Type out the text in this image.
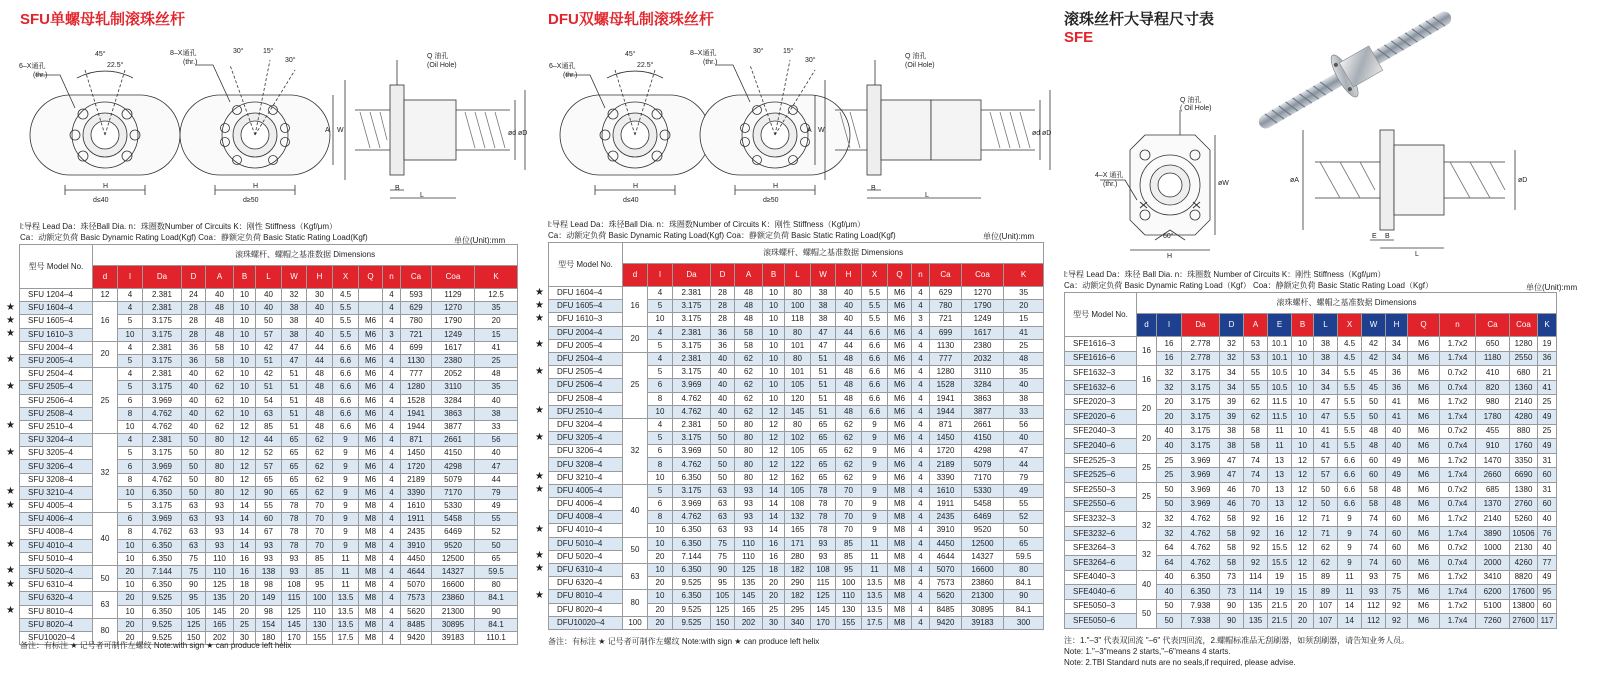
SFU单螺母轧制滚珠丝杆
45°
22.5°
6–X通孔
(thr.)
H
d≤40
30°	15°
30°
8–X通孔
(thr.)
H
d≥50
Q 油孔
(Oil Hole)
A W
B
L
ød øD
l:导程 Lead Da：珠径Ball Dia. n：珠圈数Number of Circuits K：刚性 Stiffness（Kgf/μm）
Ca：动额定负荷 Basic Dynamic Rating Load(Kgf) Coa：静额定负荷 Basic Static Rating Load(Kgf)	单位(Unit):mm
型号 Model No.	滚珠螺杆、螺帽之基准数据 Dimensions														
	d	l	Da	D	A	B	L	W	H	X	Q	n	Ca	Coa	K
SFU 1204–4	12	4	2.381	24	40	10	40	32	30	4.5		4	593	1129	12.5
SFU 1604–4	16	4	2.381	28	48	10	40	38	40	5.5		4	629	1270	35
SFU 1605–4		5	3.175	28	48	10	50	38	40	5.5	M6	4	780	1790	20
SFU 1610–3		10	3.175	28	48	10	57	38	40	5.5	M6	3	721	1249	15
SFU 2004–4	20	4	2.381	36	58	10	42	47	44	6.6	M6	4	699	1617	41
SFU 2005–4		5	3.175	36	58	10	51	47	44	6.6	M6	4	1130	2380	25
SFU 2504–4	25	4	2.381	40	62	10	42	51	48	6.6	M6	4	777	2052	48
SFU 2505–4		5	3.175	40	62	10	51	51	48	6.6	M6	4	1280	3110	35
SFU 2506–4		6	3.969	40	62	10	54	51	48	6.6	M6	4	1528	3284	40
SFU 2508–4		8	4.762	40	62	10	63	51	48	6.6	M6	4	1941	3863	38
SFU 2510–4		10	4.762	40	62	12	85	51	48	6.6	M6	4	1944	3877	33
SFU 3204–4	32	4	2.381	50	80	12	44	65	62	9	M6	4	871	2661	56
SFU 3205–4		5	3.175	50	80	12	52	65	62	9	M6	4	1450	4150	40
SFU 3206–4		6	3.969	50	80	12	57	65	62	9	M6	4	1720	4298	47
SFU 3208–4		8	4.762	50	80	12	65	65	62	9	M6	4	2189	5079	44
SFU 3210–4		10	6.350	50	80	12	90	65	62	9	M6	4	3390	7170	79
SFU 4005–4		5	3.175	63	93	14	55	78	70	9	M8	4	1610	5330	49
SFU 4006–4	40	6	3.969	63	93	14	60	78	70	9	M8	4	1911	5458	55
SFU 4008–4		8	4.762	63	93	14	67	78	70	9	M8	4	2435	6469	52
SFU 4010–4		10	6.350	63	93	14	93	78	70	9	M8	4	3910	9520	50
SFU 5010–4		10	6.350	75	110	16	93	93	85	11	M8	4	4450	12500	65
SFU 5020–4	50	20	7.144	75	110	16	138	93	85	11	M8	4	4644	14327	59.5
SFU 6310–4		10	6.350	90	125	18	98	108	95	11	M8	4	5070	16600	80
SFU 6320–4	63	20	9.525	95	135	20	149	115	100	13.5	M8	4	7573	23860	84.1
SFU 8010–4		10	6.350	105	145	20	98	125	110	13.5	M8	4	5620	21300	90
SFU 8020–4	80	20	9.525	125	165	25	154	145	130	13.5	M8	4	8485	30895	84.1
SFU10020–4		20	9.525	150	202	30	180	170	155	17.5	M8	4	9420	39183	110.1
★
★
★
★
★
★
★
★
★
★
★
★
★
备注：有标注 ★ 记号者可制作左螺纹 Note:with sign ★ can produce left helix
DFU双螺母轧制滚珠丝杆
45°
22.5°
6–X通孔
(thr.)
H
d≤40
30°	15°
30°
8–X通孔
(thr.)
H
d≥50
Q 油孔
(Oil Hole)
A W
B
L
ød øD
l:导程 Lead Da：珠径Ball Dia. n：珠圈数Number of Circuits K：刚性 Stiffness（Kgf/μm）
Ca：动额定负荷 Basic Dynamic Rating Load(Kgf) Coa：静额定负荷 Basic Static Rating Load(Kgf)	单位(Unit):mm
型号 Model No.	滚珠螺杆、螺帽之基准数据 Dimensions														
	d	l	Da	D	A	B	L	W	H	X	Q	n	Ca	Coa	K
DFU 1604–4	16	4	2.381	28	48	10	80	38	40	5.5	M6	4	629	1270	35
DFU 1605–4		5	3.175	28	48	10	100	38	40	5.5	M6	4	780	1790	20
DFU 1610–3		10	3.175	28	48	10	118	38	40	5.5	M6	3	721	1249	15
DFU 2004–4	20	4	2.381	36	58	10	80	47	44	6.6	M6	4	699	1617	41
DFU 2005–4		5	3.175	36	58	10	101	47	44	6.6	M6	4	1130	2380	25
DFU 2504–4	25	4	2.381	40	62	10	80	51	48	6.6	M6	4	777	2032	48
DFU 2505–4		5	3.175	40	62	10	101	51	48	6.6	M6	4	1280	3110	35
DFU 2506–4		6	3.969	40	62	10	105	51	48	6.6	M6	4	1528	3284	40
DFU 2508–4		8	4.762	40	62	10	120	51	48	6.6	M6	4	1941	3863	38
DFU 2510–4		10	4.762	40	62	12	145	51	48	6.6	M6	4	1944	3877	33
DFU 3204–4	32	4	2.381	50	80	12	80	65	62	9	M6	4	871	2661	56
DFU 3205–4		5	3.175	50	80	12	102	65	62	9	M6	4	1450	4150	40
DFU 3206–4		6	3.969	50	80	12	105	65	62	9	M6	4	1720	4298	47
DFU 3208–4		8	4.762	50	80	12	122	65	62	9	M6	4	2189	5079	44
DFU 3210–4		10	6.350	50	80	12	162	65	62	9	M6	4	3390	7170	79
DFU 4005–4	40	5	3.175	63	93	14	105	78	70	9	M8	4	1610	5330	49
DFU 4006–4		6	3.969	63	93	14	108	78	70	9	M8	4	1911	5458	55
DFU 4008–4		8	4.762	63	93	14	132	78	70	9	M8	4	2435	6469	52
DFU 4010–4		10	6.350	63	93	14	165	78	70	9	M8	4	3910	9520	50
DFU 5010–4	50	10	6.350	75	110	16	171	93	85	11	M8	4	4450	12500	65
DFU 5020–4		20	7.144	75	110	16	280	93	85	11	M8	4	4644	14327	59.5
DFU 6310–4	63	10	6.350	90	125	18	182	108	95	11	M8	4	5070	16600	80
DFU 6320–4		20	9.525	95	135	20	290	115	100	13.5	M8	4	7573	23860	84.1
DFU 8010–4	80	10	6.350	105	145	20	182	125	110	13.5	M8	4	5620	21300	90
DFU 8020–4		20	9.525	125	165	25	295	145	130	13.5	M8	4	8485	30895	84.1
DFU10020–4	100	20	9.525	150	202	30	340	170	155	17.5	M8	4	9420	39183	300
★
★
★
★
★
★
★
★
★
★
★
★
★
备注：有标注 ★ 记号者可制作左螺纹 Note:with sign ★ can produce left helix
滚珠丝杆大导程尺寸表
SFE
Q 油孔
( Oil Hole)
4–X 通孔
(thr.)
60°
øW
H
øA	øD
E B
L
l:导程 Lead Da：珠径 Ball Dia. n：珠圈数 Number of Circuits K：刚性 Stiffness（Kgf/μm）
Ca：动额定负荷 Basic Dynamic Rating Load（Kgf） Coa：静额定负荷 Basic Static Rating Load（Kgf）	单位(Unit):mm
型号 Model No.	滚珠螺杆、螺帽之基准数据 Dimensions															
	d	l	Da	D	A	E	B	L	X	W	H	Q	n	Ca	Coa	K
SFE1616–3	16	16	2.778	32	53	10.1	10	38	4.5	42	34	M6	1.7x2	650	1280	19
SFE1616–6		16	2.778	32	53	10.1	10	38	4.5	42	34	M6	1.7x4	1180	2550	36
SFE1632–3	16	32	3.175	34	55	10.5	10	34	5.5	45	36	M6	0.7x2	410	680	21
SFE1632–6		32	3.175	34	55	10.5	10	34	5.5	45	36	M6	0.7x4	820	1360	41
SFE2020–3	20	20	3.175	39	62	11.5	10	47	5.5	50	41	M6	1.7x2	980	2140	25
SFE2020–6		20	3.175	39	62	11.5	10	47	5.5	50	41	M6	1.7x4	1780	4280	49
SFE2040–3	20	40	3.175	38	58	11	10	41	5.5	48	40	M6	0.7x2	455	880	25
SFE2040–6		40	3.175	38	58	11	10	41	5.5	48	40	M6	0.7x4	910	1760	49
SFE2525–3	25	25	3.969	47	74	13	12	57	6.6	60	49	M6	1.7x2	1470	3350	31
SFE2525–6		25	3.969	47	74	13	12	57	6.6	60	49	M6	1.7x4	2660	6690	60
SFE2550–3	25	50	3.969	46	70	13	12	50	6.6	58	48	M6	0.7x2	685	1380	31
SFE2550–6		50	3.969	46	70	13	12	50	6.6	58	48	M6	0.7x4	1370	2760	60
SFE3232–3	32	32	4.762	58	92	16	12	71	9	74	60	M6	1.7x2	2140	5260	40
SFE3232–6		32	4.762	58	92	16	12	71	9	74	60	M6	1.7x4	3890	10506	76
SFE3264–3	32	64	4.762	58	92	15.5	12	62	9	74	60	M6	0.7x2	1000	2130	40
SFE3264–6		64	4.762	58	92	15.5	12	62	9	74	60	M6	0.7x4	2000	4260	77
SFE4040–3	40	40	6.350	73	114	19	15	89	11	93	75	M6	1.7x2	3410	8820	49
SFE4040–6		40	6.350	73	114	19	15	89	11	93	75	M6	1.7x4	6200	17600	95
SFE5050–3	50	50	7.938	90	135	21.5	20	107	14	112	92	M6	1.7x2	5100	13800	60
SFE5050–6		50	7.938	90	135	21.5	20	107	14	112	92	M6	1.7x4	7260	27600	117
注：1."–3" 代表双回流 "–6" 代表四回流，2.螺帽标准品无刮刷器，如须刮刷器，请告知业务人员。
Note: 1."–3"means 2 starts,"–6"means 4 starts.
Note: 2.TBI Standard nuts are no seals,if required, please advise.
